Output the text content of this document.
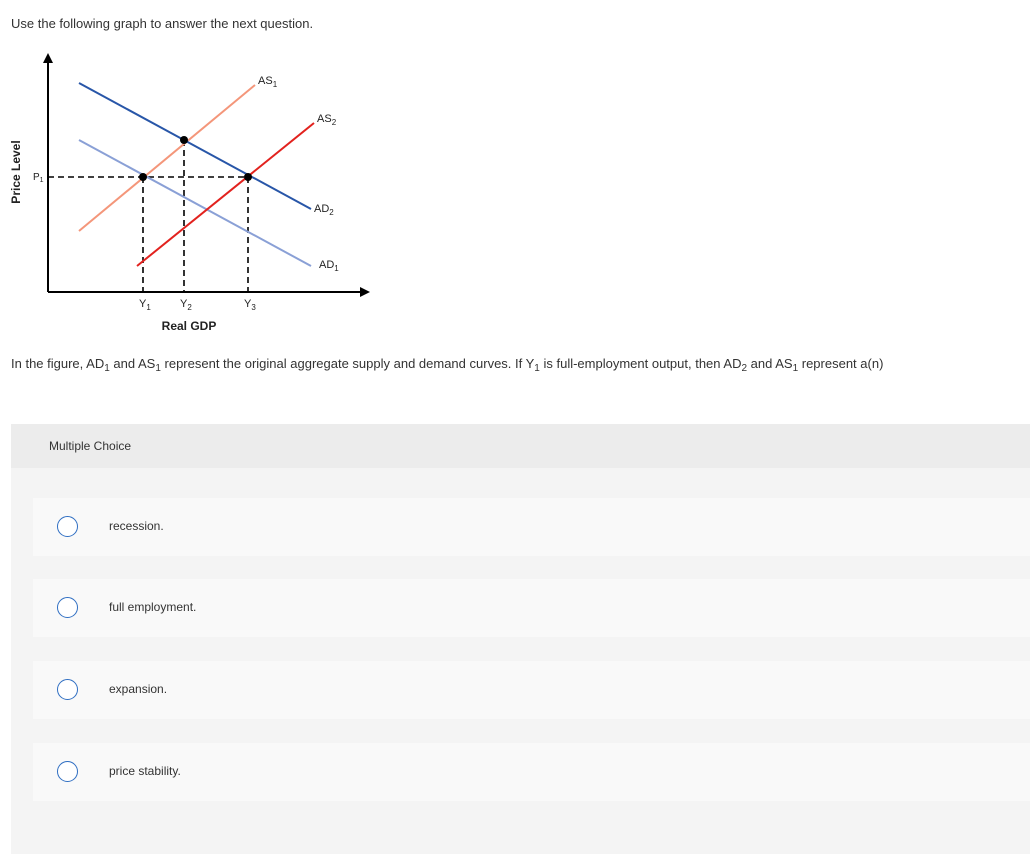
Use the following graph to answer the next question.
$AS_1$
$AS_2$
$AD_2$
$AD_1$
$P_1$
$Y_1$	$Y_2$	$Y_3$
Real GDP
Price Level
In the figure, $AD_1$ and $AS_1$ represent the original aggregate supply and demand curves. If $Y_1$ is full-employment output, then $AD_2$ and $AS_1$ represent a(n)
Multiple Choice
recession.
full employment.
expansion.
price stability.
